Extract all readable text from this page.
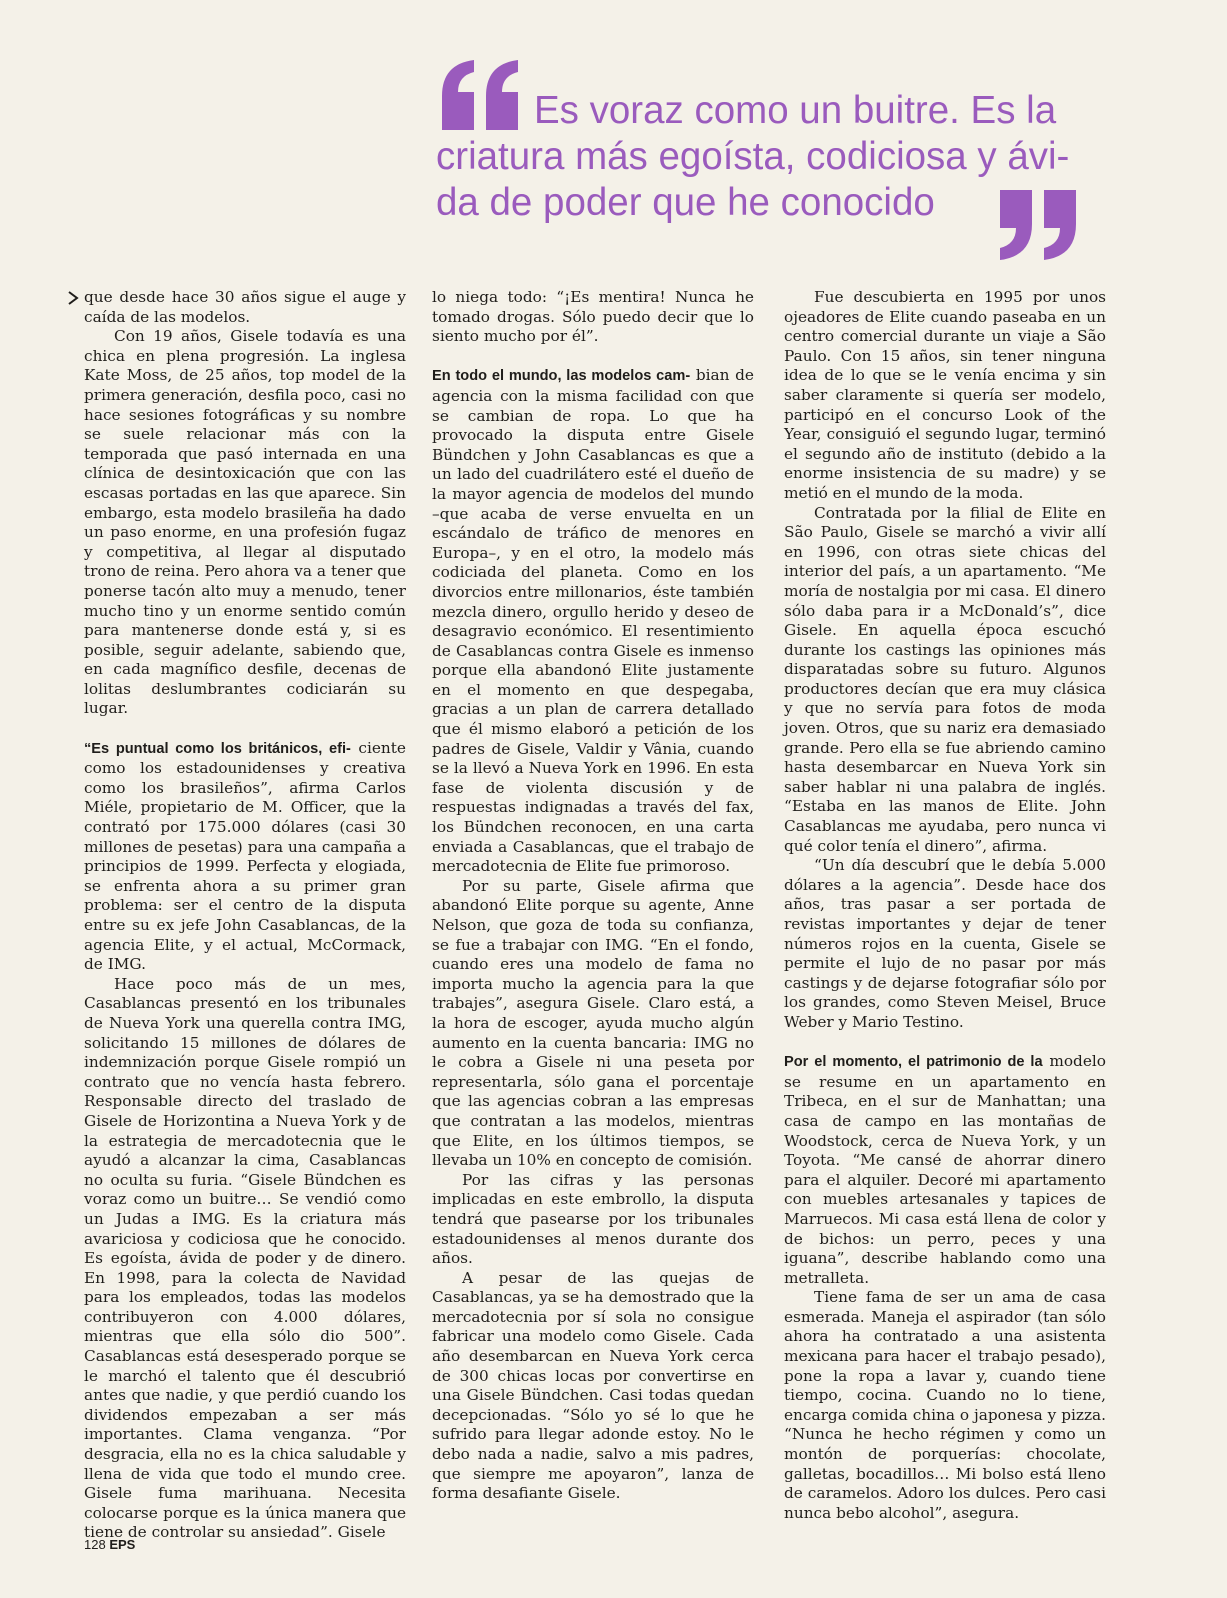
Es voraz como un buitre. Es la
criatura más egoísta, codiciosa y ávi-
da de poder que he conocido

que desde hace 30 años sigue el auge y caída de las modelos.

Con 19 años, Gisele todavía es una chica en plena progresión. La inglesa Kate Moss, de 25 años, top model de la primera generación, desfila poco, casi no hace sesiones fotográficas y su nombre se suele relacionar más con la temporada que pasó internada en una clínica de desintoxicación que con las escasas portadas en las que aparece. Sin embargo, esta modelo brasileña ha dado un paso enorme, en una profesión fugaz y competitiva, al llegar al disputado trono de reina. Pero ahora va a tener que ponerse tacón alto muy a menudo, tener mucho tino y un enorme sentido común para mantenerse donde está y, si es posible, seguir adelante, sabiendo que, en cada magnífico desfile, decenas de lolitas deslumbrantes codiciarán su lugar.

“Es puntual como los británicos, efi- ciente como los estadounidenses y creativa como los brasileños”, afirma Carlos Miéle, propietario de M. Officer, que la contrató por 175.000 dólares (casi 30 millones de pesetas) para una campaña a principios de 1999. Perfecta y elogiada, se enfrenta ahora a su primer gran problema: ser el centro de la disputa entre su ex jefe John Casablancas, de la agencia Elite, y el actual, McCormack, de IMG.

Hace poco más de un mes, Casablancas presentó en los tribunales de Nueva York una querella contra IMG, solicitando 15 millones de dólares de indemnización porque Gisele rompió un contrato que no vencía hasta febrero. Responsable directo del traslado de Gisele de Horizontina a Nueva York y de la estrategia de mercadotecnia que le ayudó a alcanzar la cima, Casablancas no oculta su furia. “Gisele Bündchen es voraz como un buitre… Se vendió como un Judas a IMG. Es la criatura más avariciosa y codiciosa que he conocido. Es egoísta, ávida de poder y de dinero. En 1998, para la colecta de Navidad para los empleados, todas las modelos contribuyeron con 4.000 dólares, mientras que ella sólo dio 500”. Casablancas está desesperado porque se le marchó el talento que él descubrió antes que nadie, y que perdió cuando los dividendos empezaban a ser más importantes. Clama venganza. “Por desgracia, ella no es la chica saludable y llena de vida que todo el mundo cree. Gisele fuma marihuana. Necesita colocarse porque es la única manera que tiene de controlar su ansiedad”. Gisele

lo niega todo: “¡Es mentira! Nunca he tomado drogas. Sólo puedo decir que lo siento mucho por él”.

En todo el mundo, las modelos cam- bian de agencia con la misma facilidad con que se cambian de ropa. Lo que ha provocado la disputa entre Gisele Bündchen y John Casablancas es que a un lado del cuadrilátero esté el dueño de la mayor agencia de modelos del mundo –que acaba de verse envuelta en un escándalo de tráfico de menores en Europa–, y en el otro, la modelo más codiciada del planeta. Como en los divorcios entre millonarios, éste también mezcla dinero, orgullo herido y deseo de desagravio económico. El resentimiento de Casablancas contra Gisele es inmenso porque ella abandonó Elite justamente en el momento en que despegaba, gracias a un plan de carrera detallado que él mismo elaboró a petición de los padres de Gisele, Valdir y Vânia, cuando se la llevó a Nueva York en 1996. En esta fase de violenta discusión y de respuestas indignadas a través del fax, los Bündchen reconocen, en una carta enviada a Casablancas, que el trabajo de mercadotecnia de Elite fue primoroso.

Por su parte, Gisele afirma que abandonó Elite porque su agente, Anne Nelson, que goza de toda su confianza, se fue a trabajar con IMG. “En el fondo, cuando eres una modelo de fama no importa mucho la agencia para la que trabajes”, asegura Gisele. Claro está, a la hora de escoger, ayuda mucho algún aumento en la cuenta bancaria: IMG no le cobra a Gisele ni una peseta por representarla, sólo gana el porcentaje que las agencias cobran a las empresas que contratan a las modelos, mientras que Elite, en los últimos tiempos, se llevaba un 10% en concepto de comisión.

Por las cifras y las personas implicadas en este embrollo, la disputa tendrá que pasearse por los tribunales estadounidenses al menos durante dos años.

A pesar de las quejas de Casablancas, ya se ha demostrado que la mercadotecnia por sí sola no consigue fabricar una modelo como Gisele. Cada año desembarcan en Nueva York cerca de 300 chicas locas por convertirse en una Gisele Bündchen. Casi todas quedan decepcionadas. “Sólo yo sé lo que he sufrido para llegar adonde estoy. No le debo nada a nadie, salvo a mis padres, que siempre me apoyaron”, lanza de forma desafiante Gisele.

Fue descubierta en 1995 por unos ojeadores de Elite cuando paseaba en un centro comercial durante un viaje a São Paulo. Con 15 años, sin tener ninguna idea de lo que se le venía encima y sin saber claramente si quería ser modelo, participó en el concurso Look of the Year, consiguió el segundo lugar, terminó el segundo año de instituto (debido a la enorme insistencia de su madre) y se metió en el mundo de la moda.

Contratada por la filial de Elite en São Paulo, Gisele se marchó a vivir allí en 1996, con otras siete chicas del interior del país, a un apartamento. “Me moría de nostalgia por mi casa. El dinero sólo daba para ir a McDonald’s”, dice Gisele. En aquella época escuchó durante los castings las opiniones más disparatadas sobre su futuro. Algunos productores decían que era muy clásica y que no servía para fotos de moda joven. Otros, que su nariz era demasiado grande. Pero ella se fue abriendo camino hasta desembarcar en Nueva York sin saber hablar ni una palabra de inglés. “Estaba en las manos de Elite. John Casablancas me ayudaba, pero nunca vi qué color tenía el dinero”, afirma.

“Un día descubrí que le debía 5.000 dólares a la agencia”. Desde hace dos años, tras pasar a ser portada de revistas importantes y dejar de tener números rojos en la cuenta, Gisele se permite el lujo de no pasar por más castings y de dejarse fotografiar sólo por los grandes, como Steven Meisel, Bruce Weber y Mario Testino.

Por el momento, el patrimonio de la modelo se resume en un apartamento en Tribeca, en el sur de Manhattan; una casa de campo en las montañas de Woodstock, cerca de Nueva York, y un Toyota. “Me cansé de ahorrar dinero para el alquiler. Decoré mi apartamento con muebles artesanales y tapices de Marruecos. Mi casa está llena de color y de bichos: un perro, peces y una iguana”, describe hablando como una metralleta.

Tiene fama de ser un ama de casa esmerada. Maneja el aspirador (tan sólo ahora ha contratado a una asistenta mexicana para hacer el trabajo pesado), pone la ropa a lavar y, cuando tiene tiempo, cocina. Cuando no lo tiene, encarga comida china o japonesa y pizza. “Nunca he hecho régimen y como un montón de porquerías: chocolate, galletas, bocadillos… Mi bolso está lleno de caramelos. Adoro los dulces. Pero casi nunca bebo alcohol”, asegura.

128 EPS
